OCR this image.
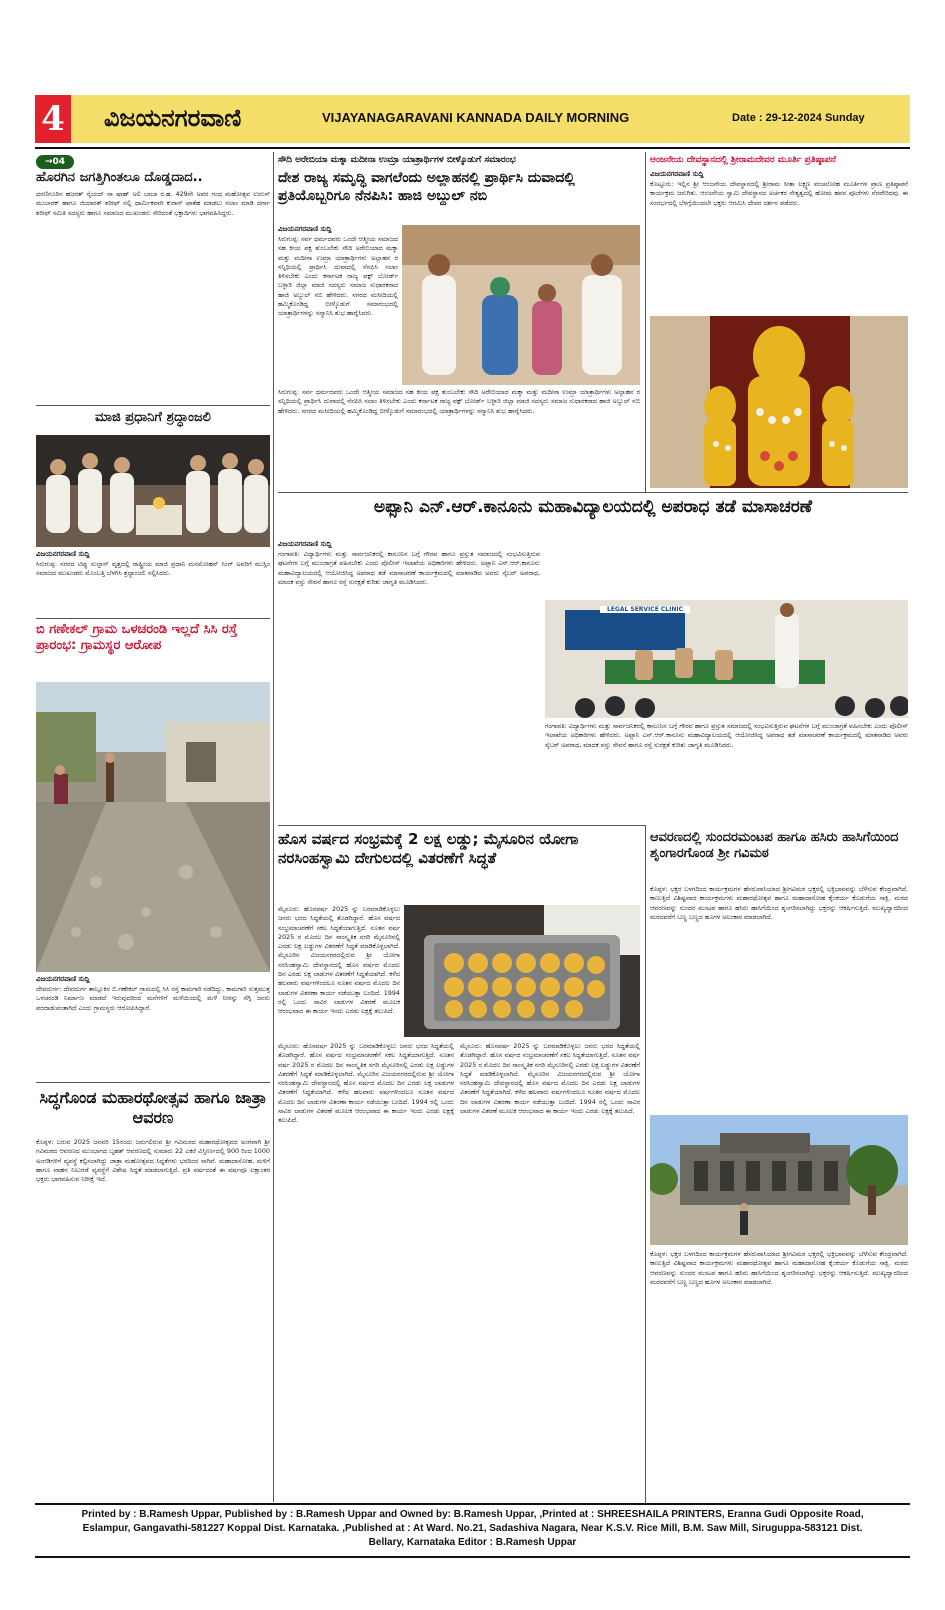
4 ವಿಜಯನಗರವಾಣಿ	VIJAYANAGARAVANI KANNADA DAILY MORNING	Date : 29-12-2024 Sunday
→04
ಹೊರಗಿನ ಜಗತ್ತಿಗಿಂತಲೂ ದೊಡ್ಡದಾದ..
ಧರಣಿಗೂರಿನ ಹಜರತ್ ಸೈಯದ್ ನಾ ಷಾಹ್ ಅಲಿ ಬಾಬಾ ರ.ಹ. 429ನೇ ಅವರ ಗಂಧ ಮಹೋತ್ಸವ ಉರುಸ್ ಮುಬಾರಕ್ ಹಾಗೂ ಜಿಯಾರತ್ ಶರೀಫ್ ನಲ್ಲಿ ಧಾರ್ಮಿಕವಾಗಿ ಕುರಾನ್ ಫಾತೆಹ ಮಾಡಲು ಸಲಾಂ ಮಾಡಿ ದರ್ಗಾ ಶರೀಫ್ ಸಮಿತಿ ಸದಸ್ಯರು ಹಾಗೂ ಸಮಾಜದ ಮುಖಂಡರು ಸೇರಿದಂತೆ ಭಕ್ತಾದಿಗಳು ಭಾಗವಹಿಸಿದ್ದರು.
ಮಾಜಿ ಪ್ರಧಾನಿಗೆ ಶ್ರದ್ಧಾಂಜಲಿ
ವಿಜಯನಗರವಾಣಿ ಸುದ್ದಿ
ಸಿರುಗುಪ್ಪ: ನಗರದ ಟಿಪ್ಪು ಸುಲ್ತಾನ್ ವೃತ್ತದಲ್ಲಿ ರಾಷ್ಟ್ರೀಯ ಮಾಜಿ ಪ್ರಧಾನಿ ಮನಮೋಹನ್ ಸಿಂಗ್ ಅವರಿಗೆ ಮುಸ್ಲಿಂ ಸಮಾಜದ ಮುಖಂಡರು ಮೊಂಬತ್ತಿ ಬೆಳಗಿಸಿ ಶ್ರದ್ಧಾಂಜಲಿ ಸಲ್ಲಿಸಿದರು.
ಬಿ ಗಣೇಕಲ್ ಗ್ರಾಮ ಒಳಚರಂಡಿ ಇಲ್ಲದೆ ಸಿಸಿ ರಸ್ತೆ ಪ್ರಾರಂಭ: ಗ್ರಾಮಸ್ಥರ ಆರೋಪ
ವಿಜಯನಗರವಾಣಿ ಸುದ್ದಿ
ದೇವದುರ್ಗ: ದೇವದುರ್ಗ ತಾಲ್ಲೂಕಿನ ಬಿ.ಗಣೇಕಲ್ ಗ್ರಾಮದಲ್ಲಿ ಸಿಸಿ ರಸ್ತೆ ಕಾಮಗಾರಿ ನಡೆದಿದ್ದು, ಕಾಮಗಾರಿ ಸುತ್ತಮುತ್ತ ಒಳಚರಂಡಿ ನಿರ್ಮಾಣ ಮಾಡದೆ ಇರುವುದರಿಂದ ಮನೆಗಳಿಗೆ ಮಳೆಯಿಂದಲ್ಲಿ ಮಳೆ ನೀರನ್ನು ಸೆಗ್ಗಿ ಜನರು ಪರದಾಡುವಂತಾಗಿದೆ ಎಂದು ಗ್ರಾಮಸ್ಥರು ಆರೋಪಿಸಿದ್ದಾರೆ.
ಸಿದ್ಧಗೊಂಡ ಮಹಾರಥೋತ್ಸವ ಹಾಗೂ ಜಾತ್ರಾ ಆವರಣ
ಕೊಪ್ಪಳ: ಬರುವ 2025 ಜನವರಿ 15ರಂದು ಜರುಗಲಿರುವ ಶ್ರೀ ಗವಿಮಠದ ಮಹಾರಥೋತ್ಸವದ ಅಂಗವಾಗಿ ಶ್ರೀ ಗವಿಮಠದ ಆವರಣದ ಮುಂಭಾಗದ ಬೃಹತ್ ಆವರಣದಲ್ಲಿ ಸುಮಾರು 22 ಎಕರೆ ವಿಸ್ತೀರ್ಣದಲ್ಲಿ 900 ರಿಂದ 1000 ಅಂಗಡಿಗಳಿಗೆ ವ್ಯವಸ್ಥೆ ಕಲ್ಪಿಸಲಾಗಿದ್ದು ಜಾತ್ರಾ ಮಹೋತ್ಸವದ ಸಿದ್ಧತೆಗಳು ಭರದಿಂದ ಸಾಗಿವೆ. ಮಹಾದಾಸೋಹ, ಮಳಿಗೆ ಹಾಗೂ ವಾಹನ ನಿಲುಗಡೆ ವ್ಯವಸ್ಥೆಗೆ ವಿಶೇಷ ಸಿದ್ಧತೆ ಮಾಡಲಾಗುತ್ತಿದೆ. ಪ್ರತಿ ವರ್ಷದಂತೆ ಈ ವರ್ಷವೂ ಲಕ್ಷಾಂತರ ಭಕ್ತರು ಭಾಗವಹಿಸುವ ನಿರೀಕ್ಷೆ ಇದೆ.
ಸೌದಿ ಅರೇಬಿಯಾ ಮಕ್ಕಾ ಮದೀನಾ ಉಮ್ರಾ ಯಾತ್ರಾರ್ಥಿಗಳ ಬೀಳ್ಕೊಡುಗೆ ಸಮಾರಂಭ
ದೇಶ ರಾಜ್ಯ ಸಮೃದ್ಧಿ ವಾಗಲೆಂದು ಅಲ್ಲಾಹನಲ್ಲಿ ಪ್ರಾರ್ಥಿಸಿ ದುವಾದಲ್ಲಿ ಪ್ರತಿಯೊಬ್ಬರಿಗೂ ನೆನಪಿಸಿ: ಹಾಜಿ ಅಬ್ದುಲ್ ನಬಿ
ವಿಜಯನಗರವಾಣಿ ಸುದ್ದಿ
ಸಿರುಗುಪ್ಪ: ಸರ್ವ ಧರ್ಮದವರು ಒಂದೇ ಆತ್ಮೀಯ ಸಮಾಜದ ಸಹ ಕೀಯ ಪಕ್ಷ ತುಂಬಲೇಕು ಸೌದಿ ಅರೇಬಿಯಾದ ಮಕ್ಕಾ ಮತ್ತು ಮದೀನಾ ಉಮ್ರಾ ಯಾತ್ರಾರ್ಥಿಗಳು ಅಲ್ಲಾಹನ ರ ಸನ್ನಿಧಿಯಲ್ಲಿ ಪ್ರಾರ್ಥಿಸಿ ದುವಾದಲ್ಲಿ ನೆನಪಿಸಿ ಸಲಾಂ ತಿಳಿಸಬೇಕು ಎಂದು ಕರ್ನಾಟಕ ರಾಜ್ಯ ವಕ್ಫ್ ಬೋರ್ಡ್ ಬಳ್ಳಾರಿ ಜಿಲ್ಲಾ ಮಾಜಿ ಸದಸ್ಯರು ಸಮಾಜ ಸುಧಾರಕರಾದ ಹಾಜಿ ಅಬ್ದುಲ್ ನಬಿ ಹೇಳಿದರು. ನಗರದ ಮಸೀದಿಯಲ್ಲಿ ಹಮ್ಮಿಕೊಂಡಿದ್ದ ಬೀಳ್ಕೊಡುಗೆ ಸಮಾರಂಭದಲ್ಲಿ ಯಾತ್ರಾರ್ಥಿಗಳನ್ನು ಸನ್ಮಾನಿಸಿ ಶುಭ ಹಾರೈಸಿದರು.
ಸಿರುಗುಪ್ಪ: ಸರ್ವ ಧರ್ಮದವರು ಒಂದೇ ಆತ್ಮೀಯ ಸಮಾಜದ ಸಹ ಕೀಯ ಪಕ್ಷ ತುಂಬಲೇಕು ಸೌದಿ ಅರೇಬಿಯಾದ ಮಕ್ಕಾ ಮತ್ತು ಮದೀನಾ ಉಮ್ರಾ ಯಾತ್ರಾರ್ಥಿಗಳು ಅಲ್ಲಾಹನ ರ ಸನ್ನಿಧಿಯಲ್ಲಿ ಪ್ರಾರ್ಥಿಸಿ ದುವಾದಲ್ಲಿ ನೆನಪಿಸಿ ಸಲಾಂ ತಿಳಿಸಬೇಕು ಎಂದು ಕರ್ನಾಟಕ ರಾಜ್ಯ ವಕ್ಫ್ ಬೋರ್ಡ್ ಬಳ್ಳಾರಿ ಜಿಲ್ಲಾ ಮಾಜಿ ಸದಸ್ಯರು ಸಮಾಜ ಸುಧಾರಕರಾದ ಹಾಜಿ ಅಬ್ದುಲ್ ನಬಿ ಹೇಳಿದರು. ನಗರದ ಮಸೀದಿಯಲ್ಲಿ ಹಮ್ಮಿಕೊಂಡಿದ್ದ ಬೀಳ್ಕೊಡುಗೆ ಸಮಾರಂಭದಲ್ಲಿ ಯಾತ್ರಾರ್ಥಿಗಳನ್ನು ಸನ್ಮಾನಿಸಿ ಶುಭ ಹಾರೈಸಿದರು.
ಆಂಜನೇಯ ದೇವಸ್ಥಾನದಲ್ಲಿ ಶ್ರೀರಾಮದೇವರ ಮೂರ್ತಿ ಪ್ರತಿಷ್ಠಾಪನೆ
ವಿಜಯನಗರವಾಣಿ ಸುದ್ದಿ
ಕೊಟ್ಟೂರು: ಇಲ್ಲಿನ ಶ್ರೀ ಆಂಜನೇಯ ದೇವಸ್ಥಾನದಲ್ಲಿ ಶ್ರೀರಾಮ ಸೀತಾ ಲಕ್ಷ್ಮಣ ಪಂಚಲೋಹ ಮೂರ್ತಿಗಳ ಪ್ರಾಣ ಪ್ರತಿಷ್ಠಾಪನೆ ಕಾರ್ಯಕ್ರಮ ಜರುಗಿತು. ಆಂಜನೇಯ ಸ್ವಾಮಿ ದೇವಸ್ಥಾನದ ಅರ್ಚಕರ ನೇತೃತ್ವದಲ್ಲಿ ಹೋಮ ಹವನ ಪೂಜೆಗಳು ನೆರವೇರಿದವು. ಈ ಸಂದರ್ಭದಲ್ಲಿ ಬೆಳಗ್ಗೆಯಿಂದಲೇ ಭಕ್ತರು ಆಗಮಿಸಿ ದೇವರ ದರ್ಶನ ಪಡೆದರು.
ಅಫ್ಸಾನಿ ಎನ್.ಆರ್.ಕಾನೂನು ಮಹಾವಿದ್ಯಾಲಯದಲ್ಲಿ ಅಪರಾಧ ತಡೆ ಮಾಸಾಚರಣೆ
ವಿಜಯನಗರವಾಣಿ ಸುದ್ದಿ
ಗಂಗಾವತಿ: ವಿದ್ಯಾರ್ಥಿಗಳು ಮತ್ತು ಸಾರ್ವಜನಿಕರಲ್ಲಿ ಕಾನೂನಿನ ಬಗ್ಗೆ ಗೌರವ ಹಾಗೂ ಪ್ರಸ್ತುತ ಸಮಾಜದಲ್ಲಿ ಸಂಭವಿಸುತ್ತಿರುವ ಘಟನೆಗಳ ಬಗ್ಗೆ ಮುಂಜಾಗ್ರತೆ ವಹಿಸಬೇಕು ಎಂದು ಪೊಲೀಸ್ ಇಲಾಖೆಯ ಅಧಿಕಾರಿಗಳು ಹೇಳಿದರು. ಅಫ್ಸಾನಿ ಎನ್.ಆರ್.ಕಾನೂನು ಮಹಾವಿದ್ಯಾಲಯದಲ್ಲಿ ಆಯೋಜಿಸಿದ್ದ ಅಪರಾಧ ತಡೆ ಮಾಸಾಚರಣೆ ಕಾರ್ಯಕ್ರಮದಲ್ಲಿ ಮಾತನಾಡಿದ ಅವರು ಸೈಬರ್ ಅಪರಾಧ, ಮಾದಕ ವಸ್ತು ಸೇವನೆ ಹಾಗೂ ರಸ್ತೆ ಸುರಕ್ಷತೆ ಕುರಿತು ಜಾಗೃತಿ ಮೂಡಿಸಿದರು.
LEGAL SERVICE CLINIC
ಗಂಗಾವತಿ: ವಿದ್ಯಾರ್ಥಿಗಳು ಮತ್ತು ಸಾರ್ವಜನಿಕರಲ್ಲಿ ಕಾನೂನಿನ ಬಗ್ಗೆ ಗೌರವ ಹಾಗೂ ಪ್ರಸ್ತುತ ಸಮಾಜದಲ್ಲಿ ಸಂಭವಿಸುತ್ತಿರುವ ಘಟನೆಗಳ ಬಗ್ಗೆ ಮುಂಜಾಗ್ರತೆ ವಹಿಸಬೇಕು ಎಂದು ಪೊಲೀಸ್ ಇಲಾಖೆಯ ಅಧಿಕಾರಿಗಳು ಹೇಳಿದರು. ಅಫ್ಸಾನಿ ಎನ್.ಆರ್.ಕಾನೂನು ಮಹಾವಿದ್ಯಾಲಯದಲ್ಲಿ ಆಯೋಜಿಸಿದ್ದ ಅಪರಾಧ ತಡೆ ಮಾಸಾಚರಣೆ ಕಾರ್ಯಕ್ರಮದಲ್ಲಿ ಮಾತನಾಡಿದ ಅವರು ಸೈಬರ್ ಅಪರಾಧ, ಮಾದಕ ವಸ್ತು ಸೇವನೆ ಹಾಗೂ ರಸ್ತೆ ಸುರಕ್ಷತೆ ಕುರಿತು ಜಾಗೃತಿ ಮೂಡಿಸಿದರು.
ಹೊಸ ವರ್ಷದ ಸಂಭ್ರಮಕ್ಕೆ 2 ಲಕ್ಷ ಲಡ್ಡು; ಮೈಸೂರಿನ ಯೋಗಾ ನರಸಿಂಹಸ್ವಾಮಿ ದೇಗುಲದಲ್ಲಿ ವಿತರಣೆಗೆ ಸಿದ್ಧತೆ
ಮೈಸೂರು: ಹೊಸವರ್ಷ 2025 ನ್ನು ಬರಮಾಡಿಕೊಳ್ಳಲು ಜನರು ಭರದ ಸಿದ್ಧತೆಯಲ್ಲಿ ತೊಡಗಿದ್ದಾರೆ. ಹೊಸ ವರ್ಷದ ಸಂಭ್ರಮಾಚರಣೆಗೆ ಸಕಲ ಸಿದ್ಧತೆಯಾಗುತ್ತಿದೆ. ನೂತನ ವರ್ಷ 2025 ರ ಮೊದಲ ದಿನ ಸಾಂಸ್ಕೃತಿಕ ನಗರಿ ಮೈಸೂರಿನಲ್ಲಿ ಎರಡು ಲಕ್ಷ ಲಡ್ಡುಗಳ ವಿತರಣೆಗೆ ಸಿದ್ಧತೆ ಮಾಡಿಕೊಳ್ಳಲಾಗಿದೆ. ಮೈಸೂರಿನ ವಿಜಯನಗರದಲ್ಲಿರುವ ಶ್ರೀ ಯೋಗಾ ನರಸಿಂಹಸ್ವಾಮಿ ದೇವಸ್ಥಾನದಲ್ಲಿ ಹೊಸ ವರ್ಷದ ಮೊದಲ ದಿನ ಎರಡು ಲಕ್ಷ ಲಾಡುಗಳ ವಿತರಣೆಗೆ ಸಿದ್ಧತೆಯಾಗಿದೆ. ಕಳೆದ ಹಲವಾರು ವರ್ಷಗಳಿಂದಲೂ ನೂತನ ವರ್ಷದ ಮೊದಲ ದಿನ ಲಾಡುಗಳ ವಿತರಣಾ ಕಾರ್ಯ ನಡೆಯುತ್ತಾ ಬಂದಿದೆ. 1994 ರಲ್ಲಿ ಒಂದು ಸಾವಿರ ಲಾಡುಗಳ ವಿತರಣೆ ಮೂಲಕ ಆರಂಭವಾದ ಈ ಕಾರ್ಯ ಇಂದು ಎರಡು ಲಕ್ಷಕ್ಕೆ ತಲುಪಿದೆ.
ಮೈಸೂರು: ಹೊಸವರ್ಷ 2025 ನ್ನು ಬರಮಾಡಿಕೊಳ್ಳಲು ಜನರು ಭರದ ಸಿದ್ಧತೆಯಲ್ಲಿ ತೊಡಗಿದ್ದಾರೆ. ಹೊಸ ವರ್ಷದ ಸಂಭ್ರಮಾಚರಣೆಗೆ ಸಕಲ ಸಿದ್ಧತೆಯಾಗುತ್ತಿದೆ. ನೂತನ ವರ್ಷ 2025 ರ ಮೊದಲ ದಿನ ಸಾಂಸ್ಕೃತಿಕ ನಗರಿ ಮೈಸೂರಿನಲ್ಲಿ ಎರಡು ಲಕ್ಷ ಲಡ್ಡುಗಳ ವಿತರಣೆಗೆ ಸಿದ್ಧತೆ ಮಾಡಿಕೊಳ್ಳಲಾಗಿದೆ. ಮೈಸೂರಿನ ವಿಜಯನಗರದಲ್ಲಿರುವ ಶ್ರೀ ಯೋಗಾ ನರಸಿಂಹಸ್ವಾಮಿ ದೇವಸ್ಥಾನದಲ್ಲಿ ಹೊಸ ವರ್ಷದ ಮೊದಲ ದಿನ ಎರಡು ಲಕ್ಷ ಲಾಡುಗಳ ವಿತರಣೆಗೆ ಸಿದ್ಧತೆಯಾಗಿದೆ. ಕಳೆದ ಹಲವಾರು ವರ್ಷಗಳಿಂದಲೂ ನೂತನ ವರ್ಷದ ಮೊದಲ ದಿನ ಲಾಡುಗಳ ವಿತರಣಾ ಕಾರ್ಯ ನಡೆಯುತ್ತಾ ಬಂದಿದೆ. 1994 ರಲ್ಲಿ ಒಂದು ಸಾವಿರ ಲಾಡುಗಳ ವಿತರಣೆ ಮೂಲಕ ಆರಂಭವಾದ ಈ ಕಾರ್ಯ ಇಂದು ಎರಡು ಲಕ್ಷಕ್ಕೆ ತಲುಪಿದೆ.
ಮೈಸೂರು: ಹೊಸವರ್ಷ 2025 ನ್ನು ಬರಮಾಡಿಕೊಳ್ಳಲು ಜನರು ಭರದ ಸಿದ್ಧತೆಯಲ್ಲಿ ತೊಡಗಿದ್ದಾರೆ. ಹೊಸ ವರ್ಷದ ಸಂಭ್ರಮಾಚರಣೆಗೆ ಸಕಲ ಸಿದ್ಧತೆಯಾಗುತ್ತಿದೆ. ನೂತನ ವರ್ಷ 2025 ರ ಮೊದಲ ದಿನ ಸಾಂಸ್ಕೃತಿಕ ನಗರಿ ಮೈಸೂರಿನಲ್ಲಿ ಎರಡು ಲಕ್ಷ ಲಡ್ಡುಗಳ ವಿತರಣೆಗೆ ಸಿದ್ಧತೆ ಮಾಡಿಕೊಳ್ಳಲಾಗಿದೆ. ಮೈಸೂರಿನ ವಿಜಯನಗರದಲ್ಲಿರುವ ಶ್ರೀ ಯೋಗಾ ನರಸಿಂಹಸ್ವಾಮಿ ದೇವಸ್ಥಾನದಲ್ಲಿ ಹೊಸ ವರ್ಷದ ಮೊದಲ ದಿನ ಎರಡು ಲಕ್ಷ ಲಾಡುಗಳ ವಿತರಣೆಗೆ ಸಿದ್ಧತೆಯಾಗಿದೆ. ಕಳೆದ ಹಲವಾರು ವರ್ಷಗಳಿಂದಲೂ ನೂತನ ವರ್ಷದ ಮೊದಲ ದಿನ ಲಾಡುಗಳ ವಿತರಣಾ ಕಾರ್ಯ ನಡೆಯುತ್ತಾ ಬಂದಿದೆ. 1994 ರಲ್ಲಿ ಒಂದು ಸಾವಿರ ಲಾಡುಗಳ ವಿತರಣೆ ಮೂಲಕ ಆರಂಭವಾದ ಈ ಕಾರ್ಯ ಇಂದು ಎರಡು ಲಕ್ಷಕ್ಕೆ ತಲುಪಿದೆ.
ಆವರಣದಲ್ಲಿ ಸುಂದರಮಂಟಪ ಹಾಗೂ ಹಸಿರು ಹಾಸಿಗೆಯಿಂದ ಶೃಂಗಾರಗೊಂಡ ಶ್ರೀ ಗವಿಮಠ
ಕೊಪ್ಪಳ: ಭಕ್ತರ ಬಳಗದಿಂದ ಕಾರ್ಯಕ್ರಮಗಳ ಹೆಸರುವಾಸಿಯಾದ ಶ್ರೀಗವಿಮಠ ಭಕ್ತರಲ್ಲಿ ಭಕ್ತಿಭಾವವನ್ನು ಬೆಳೆಸುವ ಕೇಂದ್ರವಾಗಿದೆ. ಕಾಣುತ್ತಿದೆ ವಿಶಿಷ್ಟವಾದ ಕಾರ್ಯಕ್ರಮಗಳು ಮಹಾರಥೋತ್ಸವ ಹಾಗೂ ಮಹಾದಾಸೋಹ ಕೈಂಕರ್ಯ ಕೊಡುಗೆಯ ಸಾಕ್ಷಿ. ಮಠದ ಆವರಣವನ್ನು ಸುಂದರ ಮಂಟಪ ಹಾಗೂ ಹಸಿರು ಹಾಸಿಗೆಯಿಂದ ಶೃಂಗರಿಸಲಾಗಿದ್ದು ಭಕ್ತರನ್ನು ಆಕರ್ಷಿಸುತ್ತಿದೆ. ಮುಖ್ಯದ್ವಾರದಿಂದ ಮಠದವರೆಗೆ ಬಣ್ಣ ಬಣ್ಣದ ಹೂಗಳ ಅಲಂಕಾರ ಮಾಡಲಾಗಿದೆ.
ಕೊಪ್ಪಳ: ಭಕ್ತರ ಬಳಗದಿಂದ ಕಾರ್ಯಕ್ರಮಗಳ ಹೆಸರುವಾಸಿಯಾದ ಶ್ರೀಗವಿಮಠ ಭಕ್ತರಲ್ಲಿ ಭಕ್ತಿಭಾವವನ್ನು ಬೆಳೆಸುವ ಕೇಂದ್ರವಾಗಿದೆ. ಕಾಣುತ್ತಿದೆ ವಿಶಿಷ್ಟವಾದ ಕಾರ್ಯಕ್ರಮಗಳು ಮಹಾರಥೋತ್ಸವ ಹಾಗೂ ಮಹಾದಾಸೋಹ ಕೈಂಕರ್ಯ ಕೊಡುಗೆಯ ಸಾಕ್ಷಿ. ಮಠದ ಆವರಣವನ್ನು ಸುಂದರ ಮಂಟಪ ಹಾಗೂ ಹಸಿರು ಹಾಸಿಗೆಯಿಂದ ಶೃಂಗರಿಸಲಾಗಿದ್ದು ಭಕ್ತರನ್ನು ಆಕರ್ಷಿಸುತ್ತಿದೆ. ಮುಖ್ಯದ್ವಾರದಿಂದ ಮಠದವರೆಗೆ ಬಣ್ಣ ಬಣ್ಣದ ಹೂಗಳ ಅಲಂಕಾರ ಮಾಡಲಾಗಿದೆ.
Printed by : B.Ramesh Uppar, Published by : B.Ramesh Uppar and Owned by: B.Ramesh Uppar, ,Printed at : SHREESHAILA PRINTERS, Eranna Gudi Opposite Road,
Eslampur, Gangavathi-581227 Koppal Dist. Karnataka. ,Published at : At Ward. No.21, Sadashiva Nagara, Near K.S.V. Rice Mill, B.M. Saw Mill, Siruguppa-583121 Dist.
Bellary, Karnataka Editor : B.Ramesh Uppar
